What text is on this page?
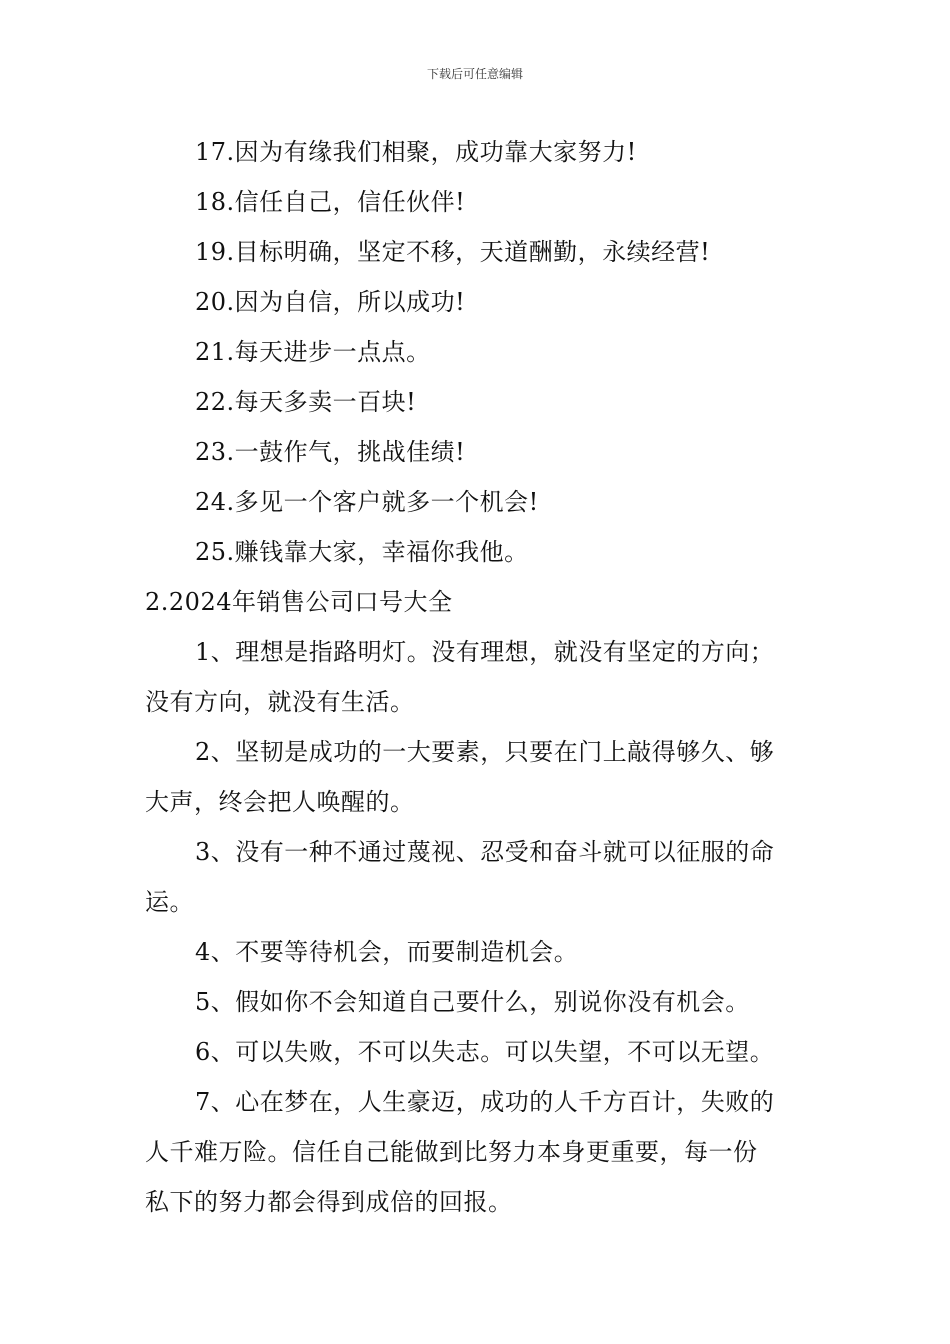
下载后可任意编辑
17.因为有缘我们相聚，成功靠大家努力!
18.信任自己，信任伙伴!
19.目标明确，坚定不移，天道酬勤，永续经营!
20.因为自信，所以成功!
21.每天进步一点点。
22.每天多卖一百块!
23.一鼓作气，挑战佳绩!
24.多见一个客户就多一个机会!
25.赚钱靠大家，幸福你我他。
2.2024年销售公司口号大全
1、理想是指路明灯。没有理想，就没有坚定的方向；
没有方向，就没有生活。
2、坚韧是成功的一大要素，只要在门上敲得够久、够
大声，终会把人唤醒的。
3、没有一种不通过蔑视、忍受和奋斗就可以征服的命
运。
4、不要等待机会，而要制造机会。
5、假如你不会知道自己要什么，别说你没有机会。
6、可以失败，不可以失志。可以失望，不可以无望。
7、心在梦在，人生豪迈，成功的人千方百计，失败的
人千难万险。信任自己能做到比努力本身更重要，每一份
私下的努力都会得到成倍的回报。
